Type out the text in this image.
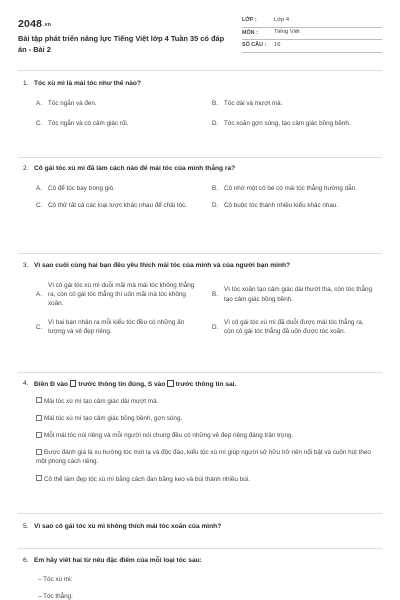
2048.vn
Bài tập phát triển năng lực Tiếng Việt lớp 4 Tuần 35 có đáp án - Bài 2
LỚP :	Lớp 4
MÔN :	Tiếng Việt
SỐ CÂU :	16
1. Tóc xù mì là mái tóc như thế nào?
A. Tóc ngắn và đen.	B. Tóc dài và mượt mà.
C. Tóc ngắn và có cảm giác rối.	D. Tóc xoăn gợn sóng, tạo cảm giác bồng bềnh.
2. Cô gái tóc xù mì đã làm cách nào để mái tóc của mình thẳng ra?
A. Cô để tóc bay trong gió.	B. Cô nhờ một cô bé có mái tóc thẳng hướng dẫn.
C. Cô thử tất cả các loại lược khác nhau để chải tóc.	D. Cô buộc tóc thành nhiều kiểu khác nhau.
3. Vì sao cuối cùng hai bạn đều yêu thích mái tóc của mình và của người bạn mình?
A.
Vì cô gái tóc xù mì duỗi mãi mà mái tóc không thẳng ra, còn cô gái tóc thẳng thì uốn mãi mà tóc không xoăn.
B.
Vì tóc xoăn tạo cảm giác dài thướt tha, còn tóc thẳng tạo cảm giác bồng bềnh.
C.
Vì hai bạn nhận ra mỗi kiểu tóc đều có những ấn tượng và vẻ đẹp riêng.
D.
Vì cô gái tóc xù mì đã duỗi được mái tóc thẳng ra, còn cô gái tóc thẳng đã uốn được tóc xoăn.
4. Điền Đ vào trước thông tin đúng, S vào trước thông tin sai.
Mái tóc xù mì tạo cảm giác dài mượt mà.
Mái tóc xù mì tạo cảm giác bồng bềnh, gợn sóng.
Mỗi mái tóc nói riêng và mỗi người nói chung đều có những vẻ đẹp riêng đáng trân trọng.
Được đánh giá là xu hướng tóc mới lạ và độc đáo, kiểu tóc xù mì giúp người sở hữu trở nên nổi bật và cuốn hút theo một phong cách riêng.
Cô thể làm đẹp tóc xù mì bằng cách đan băng keo và búi thành nhiều búi.
5. Vì sao cô gái tóc xù mì không thích mái tóc xoăn của mình?
6. Em hãy viết hai từ nêu đặc điểm của mỗi loại tóc sau:
– Tóc xù mì:
– Tóc thẳng:
